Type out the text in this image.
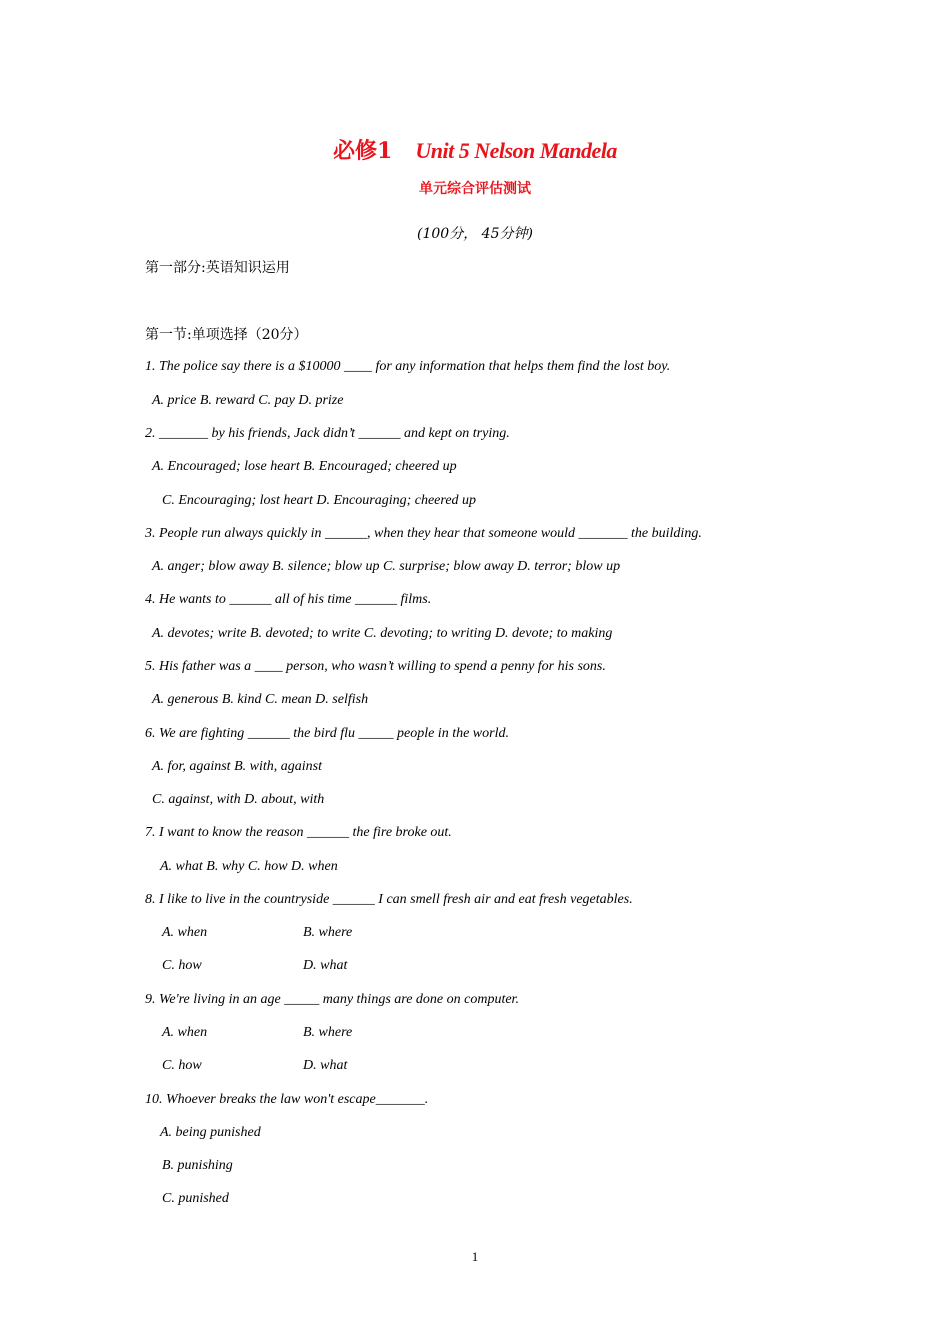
必修1 Unit 5 Nelson Mandela
单元综合评估测试
(100分， 45分钟)
第一部分:英语知识运用
第一节:单项选择（20分）
1. The police say there is a $10000 ____ for any information that helps them find the lost boy.
A. price B. reward C. pay D. prize
2. _______ by his friends, Jack didn’t ______ and kept on trying.
A. Encouraged; lose heart B. Encouraged; cheered up
C. Encouraging; lost heart D. Encouraging; cheered up
3. People run always quickly in ______, when they hear that someone would _______ the building.
A. anger; blow away B. silence; blow up C. surprise; blow away D. terror; blow up
4. He wants to ______ all of his time ______ films.
A. devotes; write B. devoted; to write C. devoting; to writing D. devote; to making
5. His father was a ____ person, who wasn’t willing to spend a penny for his sons.
A. generous B. kind C. mean D. selfish
6. We are fighting ______ the bird flu _____ people in the world.
A. for, against B. with, against
C. against, with D. about, with
7. I want to know the reason ______ the fire broke out.
A. what B. why C. how D. when
8. I like to live in the countryside ______ I can smell fresh air and eat fresh vegetables.
A. when	B. where
C. how	D. what
9. We're living in an age _____ many things are done on computer.
A. when	B. where
C. how	D. what
10. Whoever breaks the law won't escape_______.
A. being punished
B. punishing
C. punished
1
